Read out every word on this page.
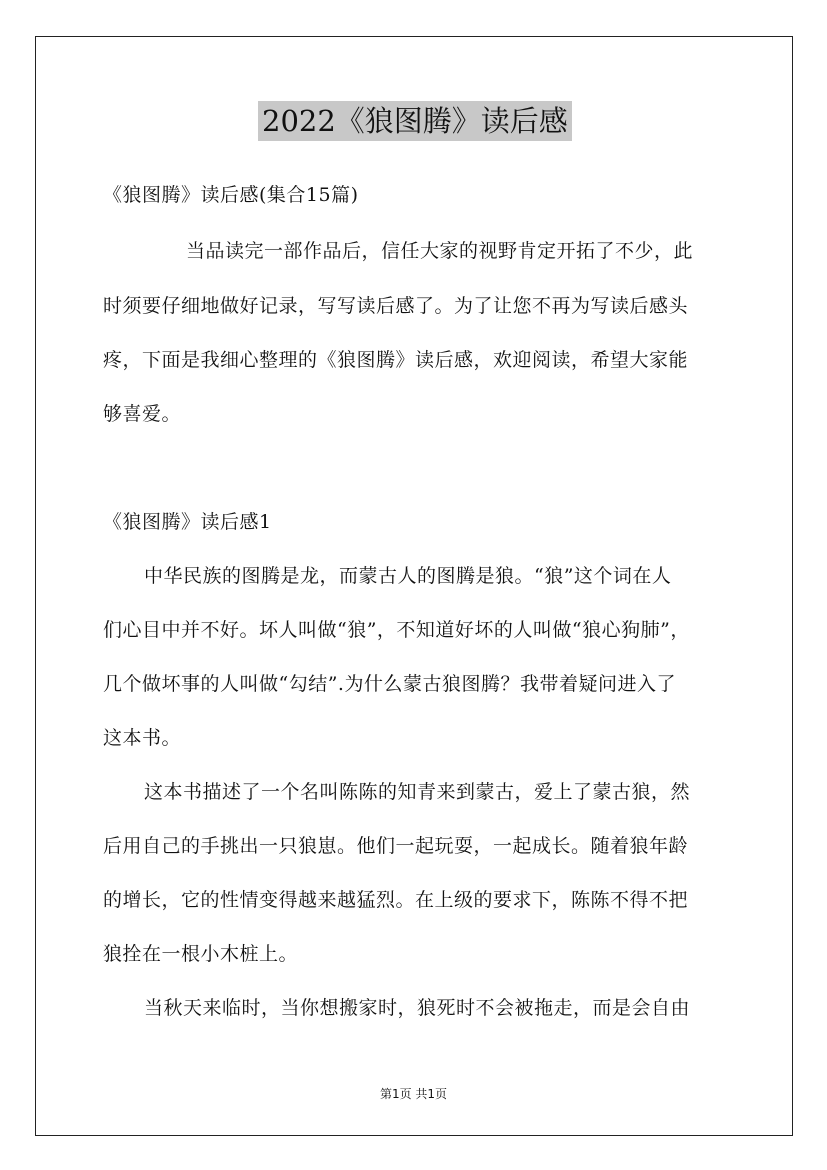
2022《狼图腾》读后感
《狼图腾》读后感(集合15篇)
当品读完一部作品后，信任大家的视野肯定开拓了不少，此
时须要仔细地做好记录，写写读后感了。为了让您不再为写读后感头
疼，下面是我细心整理的《狼图腾》读后感，欢迎阅读，希望大家能
够喜爱。
《狼图腾》读后感1
中华民族的图腾是龙，而蒙古人的图腾是狼。“狼”这个词在人
们心目中并不好。坏人叫做“狼”，不知道好坏的人叫做“狼心狗肺”，
几个做坏事的人叫做“勾结”.为什么蒙古狼图腾？我带着疑问进入了
这本书。
这本书描述了一个名叫陈陈的知青来到蒙古，爱上了蒙古狼，然
后用自己的手挑出一只狼崽。他们一起玩耍，一起成长。随着狼年龄
的增长，它的性情变得越来越猛烈。在上级的要求下，陈陈不得不把
狼拴在一根小木桩上。
当秋天来临时，当你想搬家时，狼死时不会被拖走，而是会自由
第1页 共1页
